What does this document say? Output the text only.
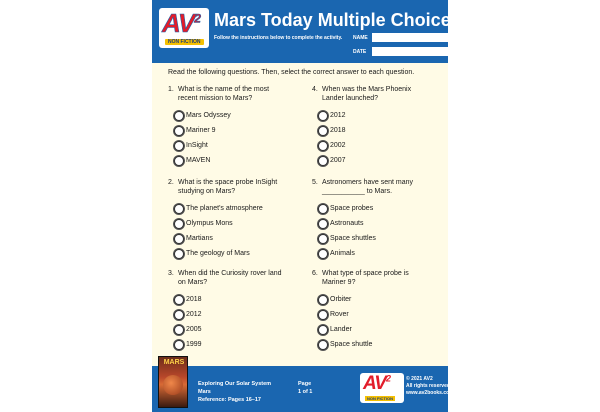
$AV^2$
NON FICTION
Mars Today Multiple Choice
Follow the instructions below to complete the activity. NAME
DATE
Read the following questions. Then, select the correct answer to each question.
1. What is the name of the most recent mission to Mars?
Mars Odyssey
Mariner 9
InSight
MAVEN
2. What is the space probe InSight studying on Mars?
The planet's atmosphere
Olympus Mons
Martians
The geology of Mars
3. When did the Curiosity rover land on Mars?
2018
2012
2005
1999
4. When was the Mars Phoenix Lander launched?
2012
2018
2002
2007
5. Astronomers have sent many ___________ to Mars.
Space probes
Astronauts
Space shuttles
Animals
6. What type of space probe is Mariner 9?
Orbiter
Rover
Lander
Space shuttle
MARS
Exploring Our Solar System
Mars
Reference: Pages 16–17
Page
1 of 1	$AV^2$
NON FICTION
© 2021 AV2
All rights reserved.
www.av2books.com
